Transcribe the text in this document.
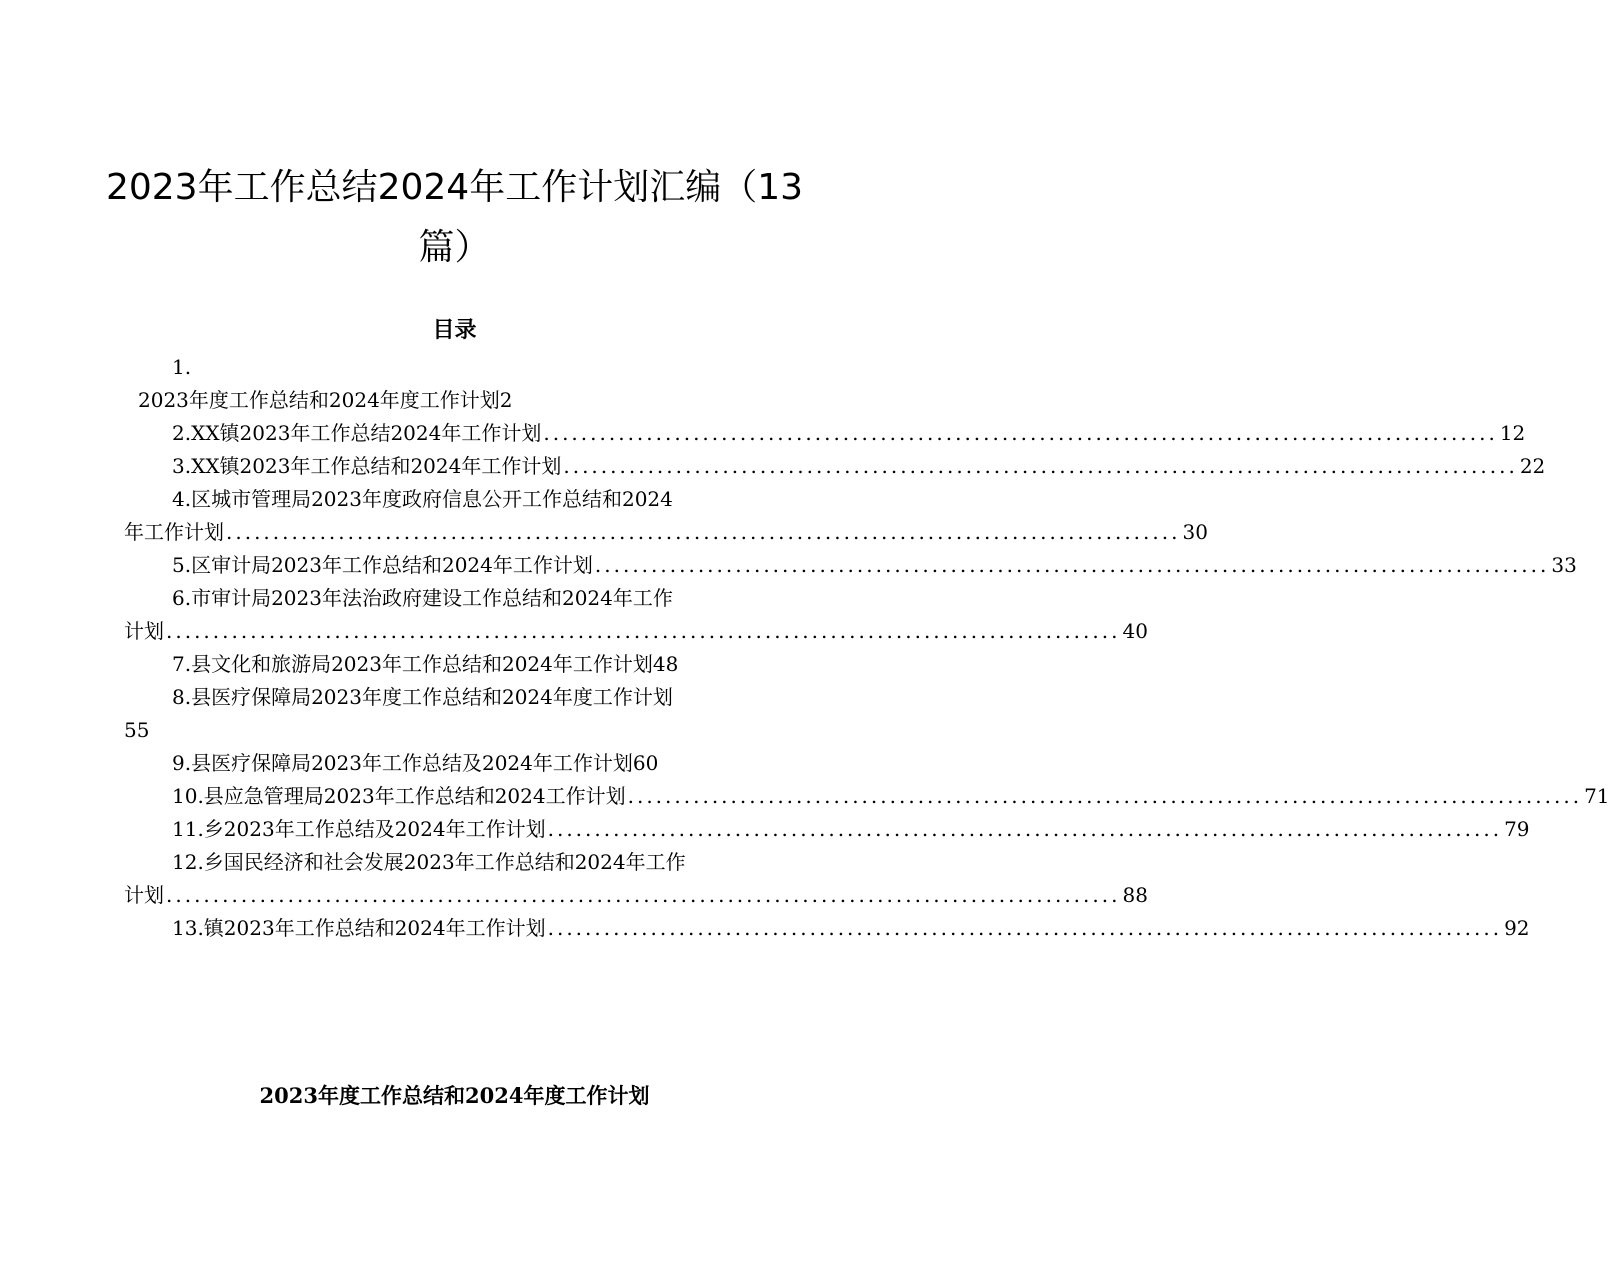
2023年工作总结2024年工作计划汇编（13篇）
目录
1.
2023年度工作总结和2024年度工作计划2
2.XX镇2023年工作总结2024年工作计划 ...................................................................................................... 12
3.XX镇2023年工作总结和2024年工作计划 ...................................................................................................... 22
4.区城市管理局2023年度政府信息公开工作总结和2024
年工作计划 ...................................................................................................... 30
5.区审计局2023年工作总结和2024年工作计划 ...................................................................................................... 33
6.市审计局2023年法治政府建设工作总结和2024年工作
计划 ...................................................................................................... 40
7.县文化和旅游局2023年工作总结和2024年工作计划48
8.县医疗保障局2023年度工作总结和2024年度工作计划
55
9.县医疗保障局2023年工作总结及2024年工作计划60
10.县应急管理局2023年工作总结和2024工作计划 ...................................................................................................... 71
11.乡2023年工作总结及2024年工作计划 ...................................................................................................... 79
12.乡国民经济和社会发展2023年工作总结和2024年工作
计划 ...................................................................................................... 88
13.镇2023年工作总结和2024年工作计划 ...................................................................................................... 92
2023年度工作总结和2024年度工作计划
